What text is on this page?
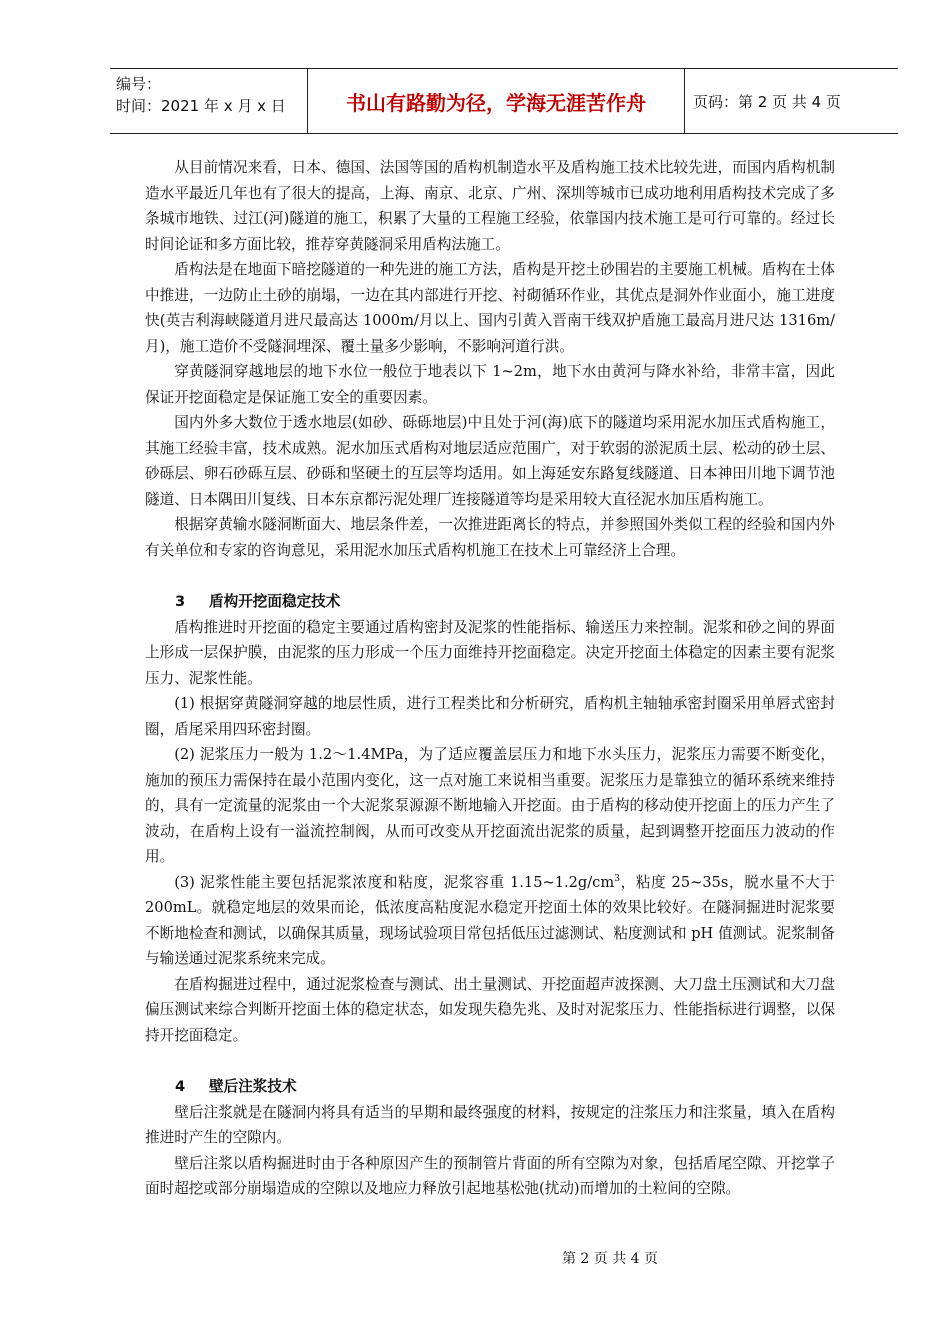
编号：
时间：2021 年 x 月 x 日	书山有路勤为径，学海无涯苦作舟	页码：第 2 页 共 4 页

从目前情况来看，日本、德国、法国等国的盾构机制造水平及盾构施工技术比较先进，而国内盾构机制造水平最近几年也有了很大的提高，上海、南京、北京、广州、深圳等城市已成功地利用盾构技术完成了多条城市地铁、过江(河)隧道的施工，积累了大量的工程施工经验，依靠国内技术施工是可行可靠的。经过长时间论证和多方面比较，推荐穿黄隧洞采用盾构法施工。

盾构法是在地面下暗挖隧道的一种先进的施工方法，盾构是开挖土砂围岩的主要施工机械。盾构在土体中推进，一边防止土砂的崩塌，一边在其内部进行开挖、衬砌循环作业，其优点是洞外作业面小，施工进度快(英吉利海峡隧道月进尺最高达 1000m/月以上、国内引黄入晋南干线双护盾施工最高月进尺达 1316m/月)，施工造价不受隧洞埋深、覆土量多少影响，不影响河道行洪。

穿黄隧洞穿越地层的地下水位一般位于地表以下 1~2m，地下水由黄河与降水补给，非常丰富，因此保证开挖面稳定是保证施工安全的重要因素。

国内外多大数位于透水地层(如砂、砾砾地层)中且处于河(海)底下的隧道均采用泥水加压式盾构施工，其施工经验丰富，技术成熟。泥水加压式盾构对地层适应范围广，对于软弱的淤泥质土层、松动的砂土层、砂砾层、卵石砂砾互层、砂砾和坚硬土的互层等均适用。如上海延安东路复线隧道、日本神田川地下调节池隧道、日本隅田川复线、日本东京都污泥处理厂连接隧道等均是采用较大直径泥水加压盾构施工。

根据穿黄输水隧洞断面大、地层条件差，一次推进距离长的特点，并参照国外类似工程的经验和国内外有关单位和专家的咨询意见，采用泥水加压式盾构机施工在技术上可靠经济上合理。

3 盾构开挖面稳定技术

盾构推进时开挖面的稳定主要通过盾构密封及泥浆的性能指标、输送压力来控制。泥浆和砂之间的界面上形成一层保护膜，由泥浆的压力形成一个压力面维持开挖面稳定。决定开挖面土体稳定的因素主要有泥浆压力、泥浆性能。

(1) 根据穿黄隧洞穿越的地层性质，进行工程类比和分析研究，盾构机主轴轴承密封圈采用单唇式密封圈，盾尾采用四环密封圈。

(2) 泥浆压力一般为 1.2～1.4MPa，为了适应覆盖层压力和地下水头压力，泥浆压力需要不断变化，施加的预压力需保持在最小范围内变化，这一点对施工来说相当重要。泥浆压力是靠独立的循环系统来维持的，具有一定流量的泥浆由一个大泥浆泵源源不断地输入开挖面。由于盾构的移动使开挖面上的压力产生了波动，在盾构上设有一溢流控制阀，从而可改变从开挖面流出泥浆的质量，起到调整开挖面压力波动的作用。

(3) 泥浆性能主要包括泥浆浓度和粘度，泥浆容重 $1.15\sim 1.2g/cm^3$，粘度 25~35s，脱水量不大于 200mL。就稳定地层的效果而论，低浓度高粘度泥水稳定开挖面土体的效果比较好。在隧洞掘进时泥浆要不断地检查和测试，以确保其质量，现场试验项目常包括低压过滤测试、粘度测试和 pH 值测试。泥浆制备与输送通过泥浆系统来完成。

在盾构掘进过程中，通过泥浆检查与测试、出土量测试、开挖面超声波探测、大刀盘土压测试和大刀盘偏压测试来综合判断开挖面土体的稳定状态，如发现失稳先兆、及时对泥浆压力、性能指标进行调整，以保持开挖面稳定。

4 壁后注浆技术

壁后注浆就是在隧洞内将具有适当的早期和最终强度的材料，按规定的注浆压力和注浆量，填入在盾构推进时产生的空隙内。

壁后注浆以盾构掘进时由于各种原因产生的预制管片背面的所有空隙为对象，包括盾尾空隙、开挖掌子面时超挖或部分崩塌造成的空隙以及地应力释放引起地基松弛(扰动)而增加的土粒间的空隙。

第 2 页 共 4 页
